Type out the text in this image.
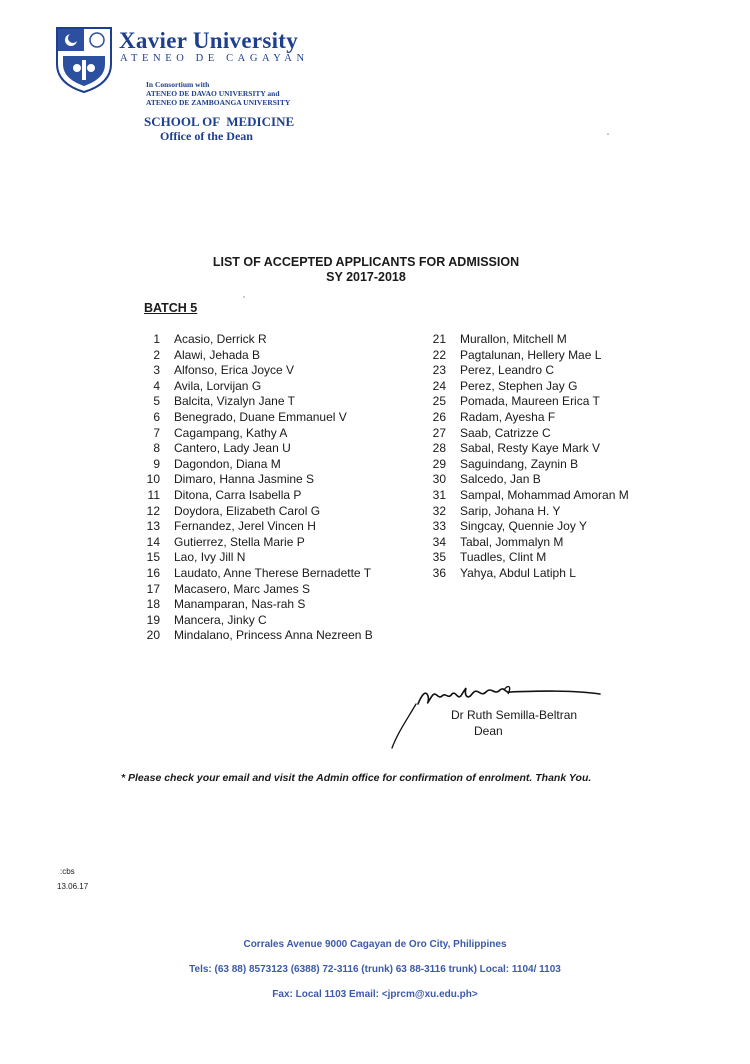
Xavier University
ATENEO DE CAGAYAN
In Consortium with
ATENEO DE DAVAO UNIVERSITY and
ATENEO DE ZAMBOANGA UNIVERSITY
SCHOOL OF  MEDICINE
Office of the Dean
LIST OF ACCEPTED APPLICANTS FOR ADMISSION
SY 2017-2018
BATCH 5
1 Acasio, Derrick R
2 Alawi, Jehada B
3 Alfonso, Erica Joyce V
4 Avila, Lorvijan G
5 Balcita, Vizalyn Jane T
6 Benegrado, Duane Emmanuel V
7 Cagampang, Kathy A
8 Cantero, Lady Jean U
9 Dagondon, Diana M
10 Dimaro, Hanna Jasmine S
11 Ditona, Carra Isabella P
12 Doydora, Elizabeth Carol G
13 Fernandez, Jerel Vincen H
14 Gutierrez, Stella Marie P
15 Lao, Ivy Jill N
16 Laudato, Anne Therese Bernadette T
17 Macasero, Marc James S
18 Manamparan, Nas-rah S
19 Mancera, Jinky C
20 Mindalano, Princess Anna Nezreen B
21 Murallon, Mitchell M
22 Pagtalunan, Hellery Mae L
23 Perez, Leandro C
24 Perez, Stephen Jay G
25 Pomada, Maureen Erica T
26 Radam, Ayesha F
27 Saab, Catrizze C
28 Sabal, Resty Kaye Mark V
29 Saguindang, Zaynin B
30 Salcedo, Jan B
31 Sampal, Mohammad Amoran M
32 Sarip, Johana H. Y
33 Singcay, Quennie Joy Y
34 Tabal, Jommalyn M
35 Tuadles, Clint M
36 Yahya, Abdul Latiph L
Dr Ruth Semilla-Beltran
Dean
* Please check your email and visit the Admin office for confirmation of enrolment. Thank You.
:cbs
13.06.17
Corrales Avenue 9000 Cagayan de Oro City, Philippines
Tels: (63 88) 8573123 (6388) 72-3116 (trunk) 63 88-3116 trunk) Local: 1104/ 1103
Fax: Local 1103 Email: <jprcm@xu.edu.ph>
